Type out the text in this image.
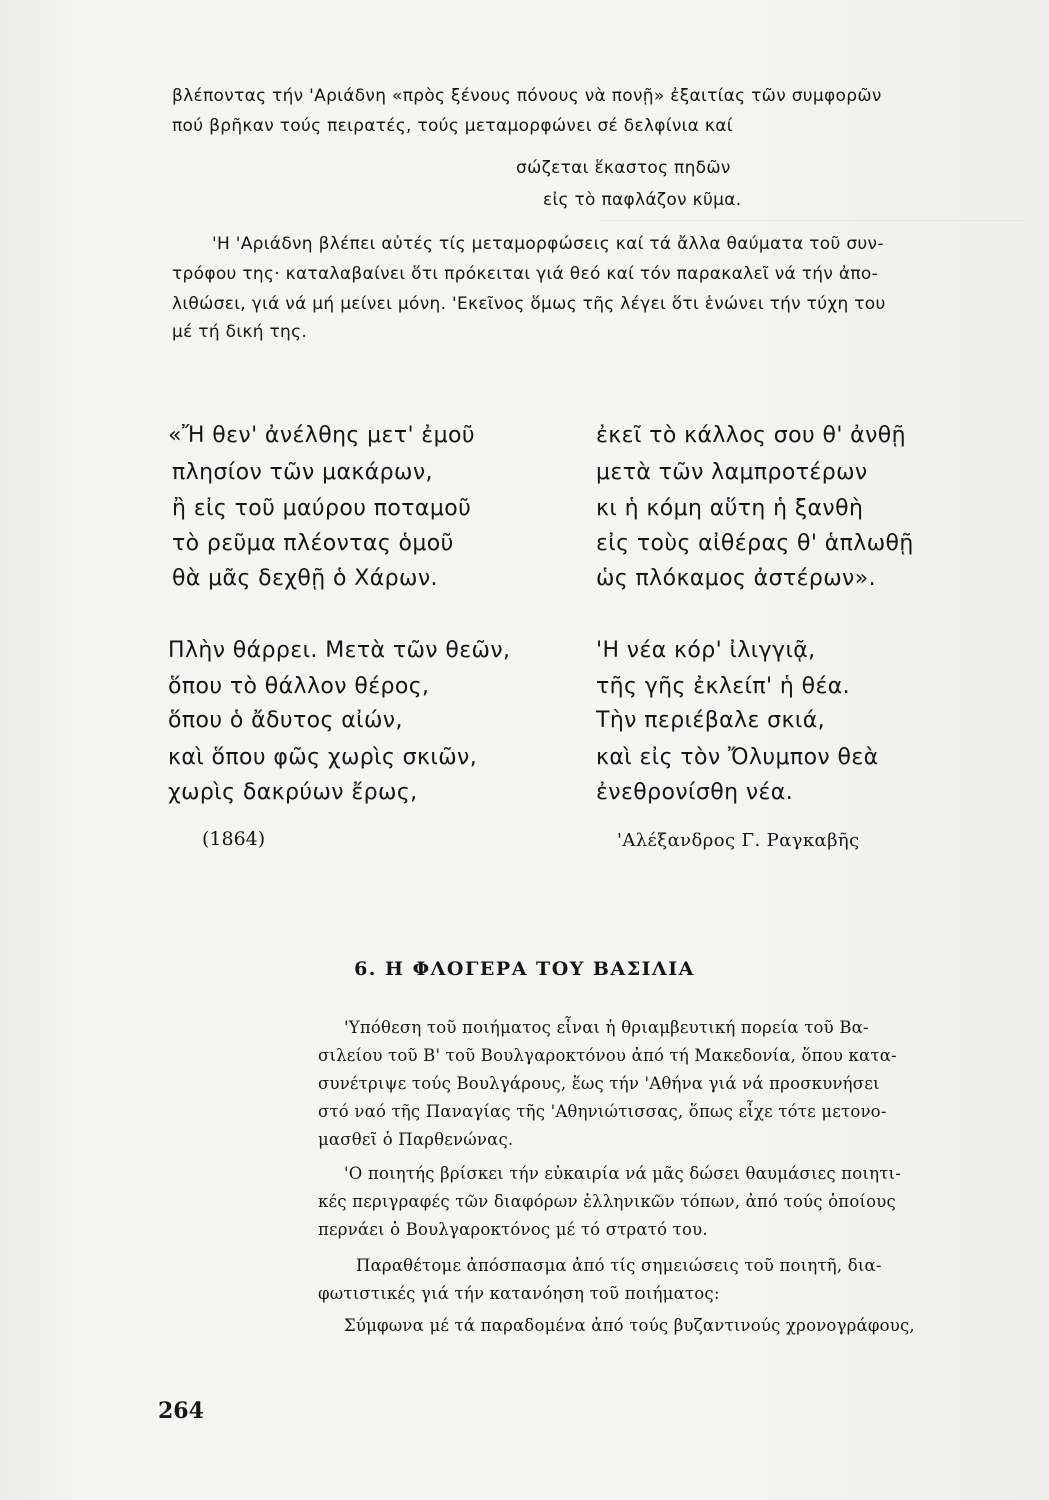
βλέποντας τήν 'Αριάδνη «πρὸς ξένους πόνους νὰ πονῇ» ἐξαιτίας τῶν συμφορῶν
πού βρῆκαν τούς πειρατές, τούς μεταμορφώνει σέ δελφίνια καί
σώζεται ἕκαστος πηδῶν
εἰς τὸ παφλάζον κῦμα.
'Η 'Αριάδνη βλέπει αὐτές τίς μεταμορφώσεις καί τά ἄλλα θαύματα τοῦ συν-
τρόφου της· καταλαβαίνει ὅτι πρόκειται γιά θεό καί τόν παρακαλεῖ νά τήν ἀπο-
λιθώσει, γιά νά μή μείνει μόνη. 'Εκεῖνος ὅμως τῆς λέγει ὅτι ἑνώνει τήν τύχη του
μέ τή δική της.
«Ἤ θεν' ἀνέλθης μετ' ἐμοῦ
πλησίον τῶν μακάρων,
ἢ εἰς τοῦ μαύρου ποταμοῦ
τὸ ρεῦμα πλέοντας ὁμοῦ
θὰ μᾶς δεχθῇ ὁ Χάρων.
Πλὴν θάρρει. Μετὰ τῶν θεῶν,
ὅπου τὸ θάλλον θέρος,
ὅπου ὁ ἄδυτος αἰών,
καὶ ὅπου φῶς χωρὶς σκιῶν,
χωρὶς δακρύων ἔρως,
ἐκεῖ τὸ κάλλος σου θ' ἀνθῇ
μετὰ τῶν λαμπροτέρων
κι ἡ κόμη αὕτη ἡ ξανθὴ
εἰς τοὺς αἰθέρας θ' ἁπλωθῇ
ὡς πλόκαμος ἀστέρων».
'Η νέα κόρ' ἰλιγγιᾷ,
τῆς γῆς ἐκλείπ' ἡ θέα.
Τὴν περιέβαλε σκιά,
καὶ εἰς τὸν Ὄλυμπον θεὰ
ἐνεθρονίσθη νέα.
(1864)	'Αλέξανδρος Γ. Ραγκαβῆς
6. Η ΦΛΟΓΕΡΑ ΤΟΥ ΒΑΣΙΛΙΑ
'Υπόθεση τοῦ ποιήματος εἶναι ἡ θριαμβευτική πορεία τοῦ Βα-
σιλείου τοῦ Β' τοῦ Βουλγαροκτόνου ἀπό τή Μακεδονία, ὅπου κατα-
συνέτριψε τούς Βουλγάρους, ἕως τήν 'Αθήνα γιά νά προσκυνήσει
στό ναό τῆς Παναγίας τῆς 'Αθηνιώτισσας, ὅπως εἶχε τότε μετονο-
μασθεῖ ὁ Παρθενώνας.
'Ο ποιητής βρίσκει τήν εὐκαιρία νά μᾶς δώσει θαυμάσιες ποιητι-
κές περιγραφές τῶν διαφόρων ἑλληνικῶν τόπων, ἀπό τούς ὁποίους
περνάει ὁ Βουλγαροκτόνος μέ τό στρατό του.
Παραθέτομε ἀπόσπασμα ἀπό τίς σημειώσεις τοῦ ποιητῆ, δια-
φωτιστικές γιά τήν κατανόηση τοῦ ποιήματος:
Σύμφωνα μέ τά παραδομένα ἀπό τούς βυζαντινούς χρονογράφους,
264
